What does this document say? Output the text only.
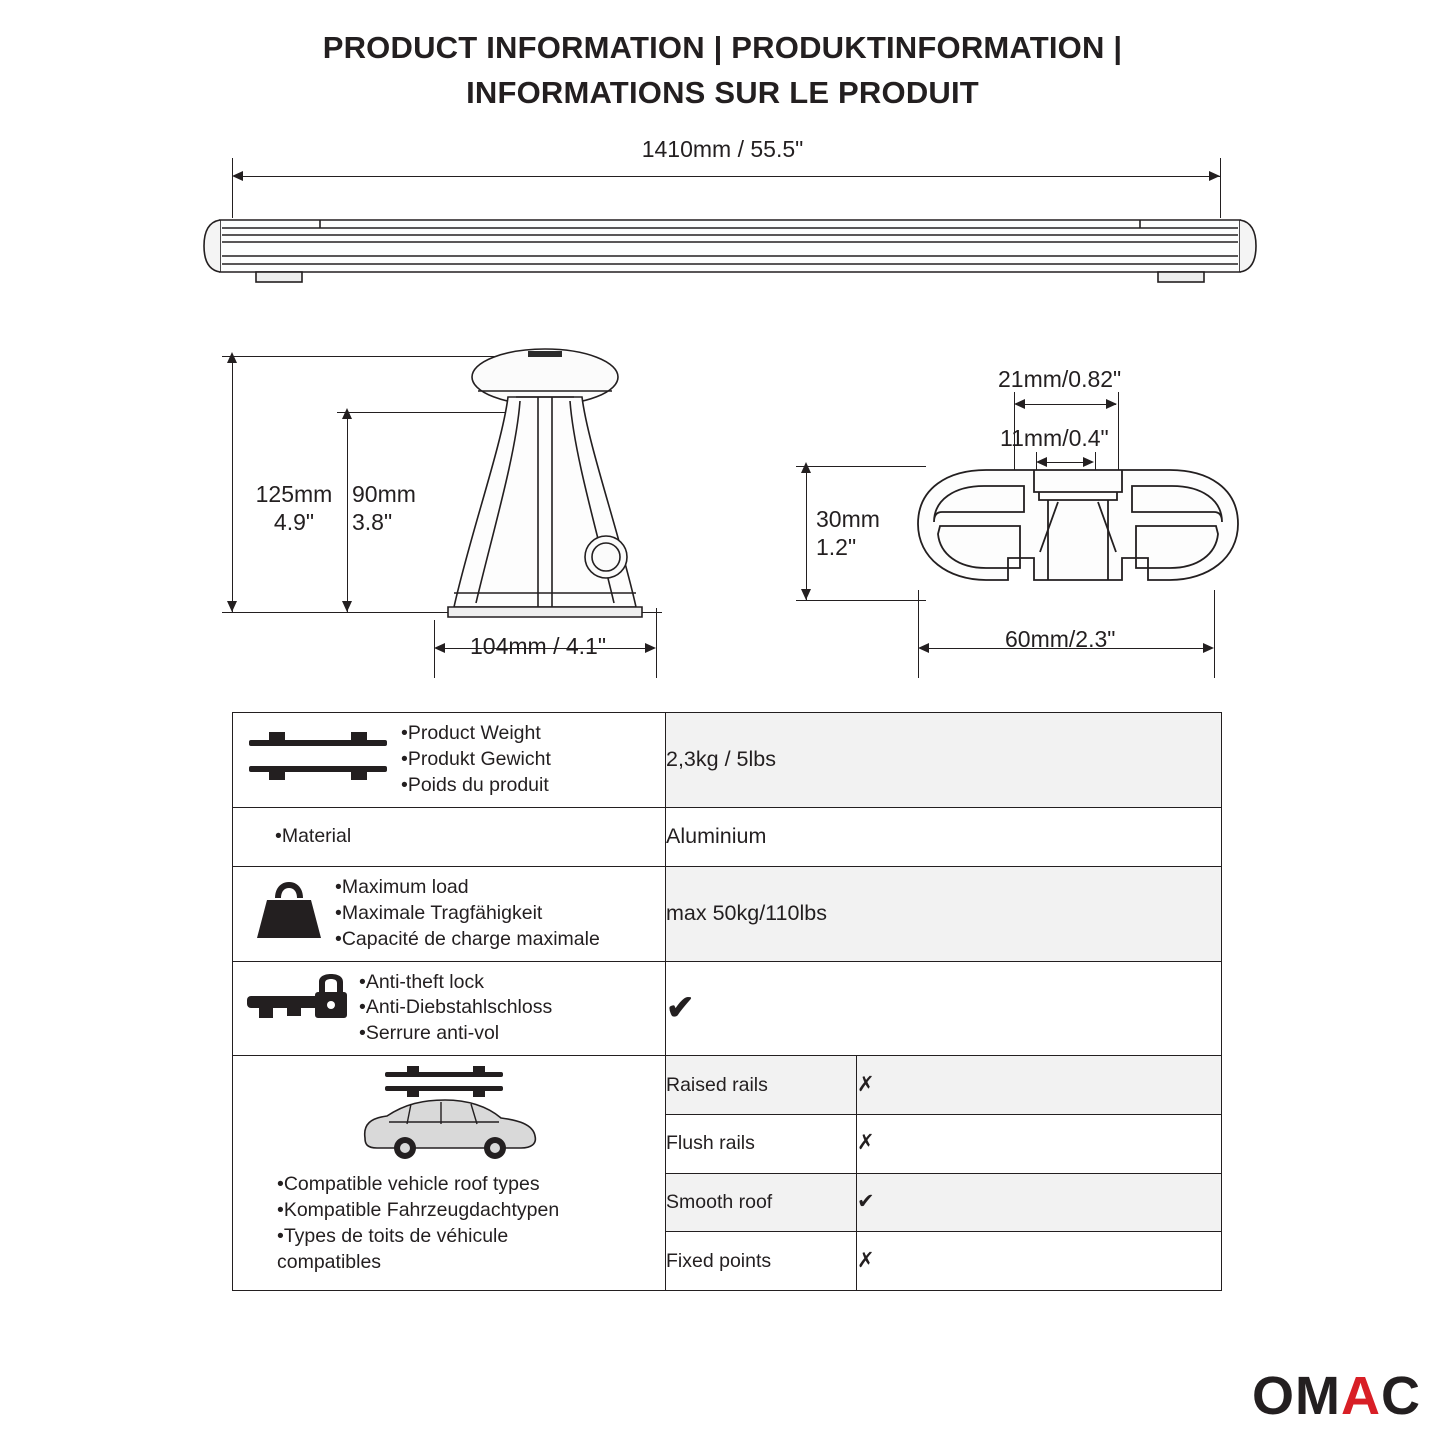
PRODUCT INFORMATION | PRODUKTINFORMATION |
INFORMATIONS SUR LE PRODUIT
1410mm / 55.5"
125mm
4.9"
90mm
3.8"
104mm / 4.1"
21mm/0.82"
11mm/0.4"
30mm
1.2"
60mm/2.3"
•Product Weight
•Produkt Gewicht
•Poids du produit	2,3kg / 5lbs	

•Material	Aluminium	

•Maximum load
•Maximale Tragfähigkeit
•Capacité de charge maximale	max 50kg/110lbs	

•Anti-theft lock
•Anti-Diebstahlschloss
•Serrure anti-vol	✔	

•Compatible vehicle roof types
•Kompatible Fahrzeugdachtypen
•Types de toits de véhicule
compatibles	Raised rails	✗
	Flush rails	✗
	Smooth roof	✔
	Fixed points	✗
OM A C
